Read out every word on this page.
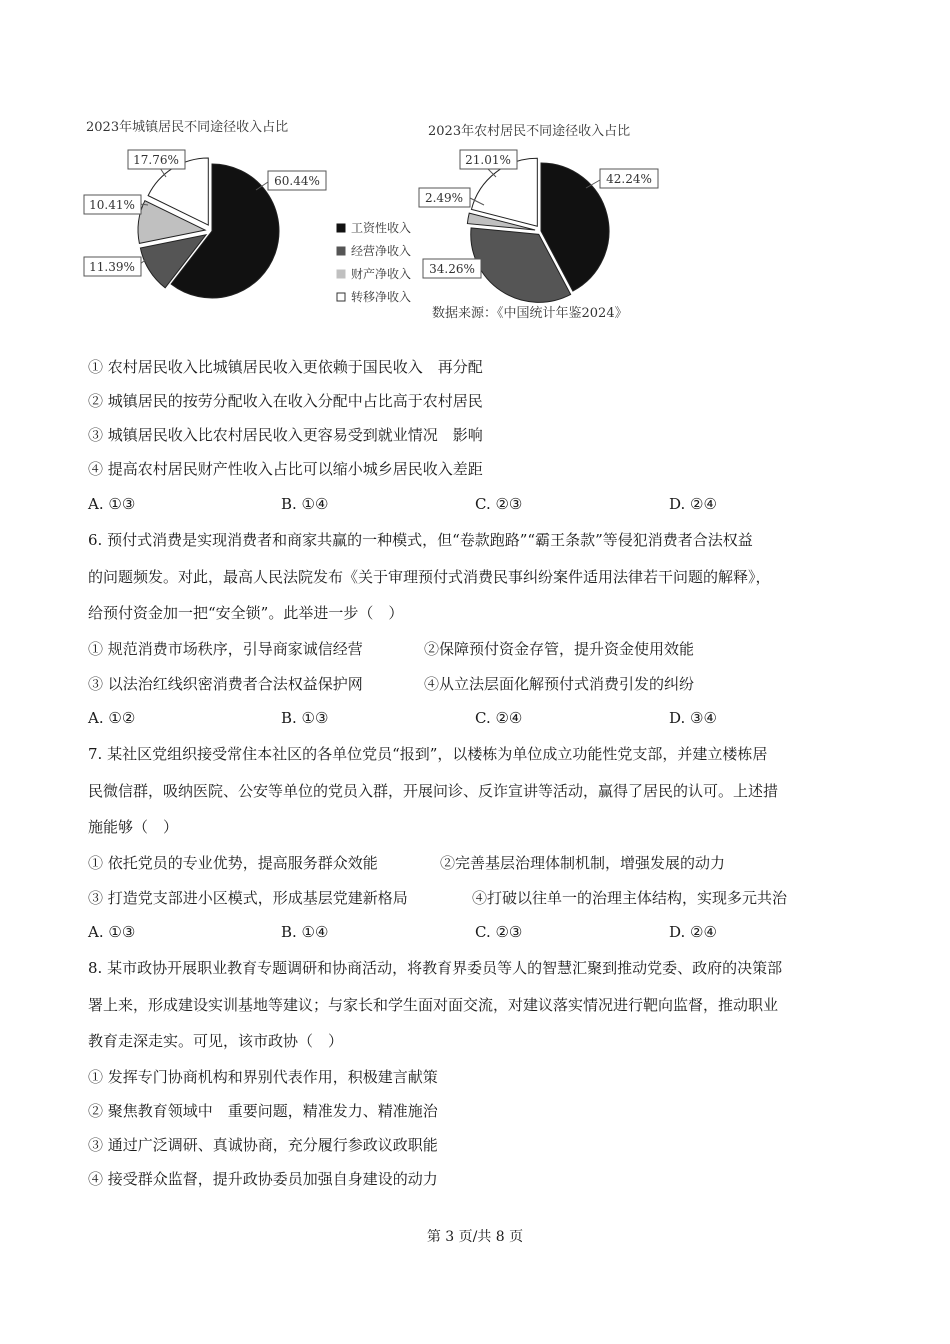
2023年城镇居民不同途径收入占比
60.44%
11.39%
10.41%
17.76%
工资性收入
经营净收入
财产净收入
转移净收入
2023年农村居民不同途径收入占比
42.24%
34.26%
2.49%
21.01%
数据来源：《中国统计年鉴2024》
① 农村居民收入比城镇居民收入更依赖于国民收入　再分配
② 城镇居民的按劳分配收入在收入分配中占比高于农村居民
③ 城镇居民收入比农村居民收入更容易受到就业情况　影响
④ 提高农村居民财产性收入占比可以缩小城乡居民收入差距
A. ①③	B. ①④	C. ②③	D. ②④
6. 预付式消费是实现消费者和商家共赢的一种模式，但“卷款跑路”“霸王条款”等侵犯消费者合法权益
的问题频发。对此，最高人民法院发布《关于审理预付式消费民事纠纷案件适用法律若干问题的解释》，
给预付资金加一把“安全锁”。此举进一步（　）
① 规范消费市场秩序，引导商家诚信经营	②保障预付资金存管，提升资金使用效能
③ 以法治红线织密消费者合法权益保护网	④从立法层面化解预付式消费引发的纠纷
A. ①②	B. ①③	C. ②④	D. ③④
7. 某社区党组织接受常住本社区的各单位党员“报到”，以楼栋为单位成立功能性党支部，并建立楼栋居
民微信群，吸纳医院、公安等单位的党员入群，开展问诊、反诈宣讲等活动，赢得了居民的认可。上述措
施能够（　）
① 依托党员的专业优势，提高服务群众效能	②完善基层治理体制机制，增强发展的动力
③ 打造党支部进小区模式，形成基层党建新格局	④打破以往单一的治理主体结构，实现多元共治
A. ①③	B. ①④	C. ②③	D. ②④
8. 某市政协开展职业教育专题调研和协商活动，将教育界委员等人的智慧汇聚到推动党委、政府的决策部
署上来，形成建设实训基地等建议；与家长和学生面对面交流，对建议落实情况进行靶向监督，推动职业
教育走深走实。可见，该市政协（　）
① 发挥专门协商机构和界别代表作用，积极建言献策
② 聚焦教育领域中　重要问题，精准发力、精准施治
③ 通过广泛调研、真诚协商，充分履行参政议政职能
④ 接受群众监督，提升政协委员加强自身建设的动力
第 3 页/共 8 页
